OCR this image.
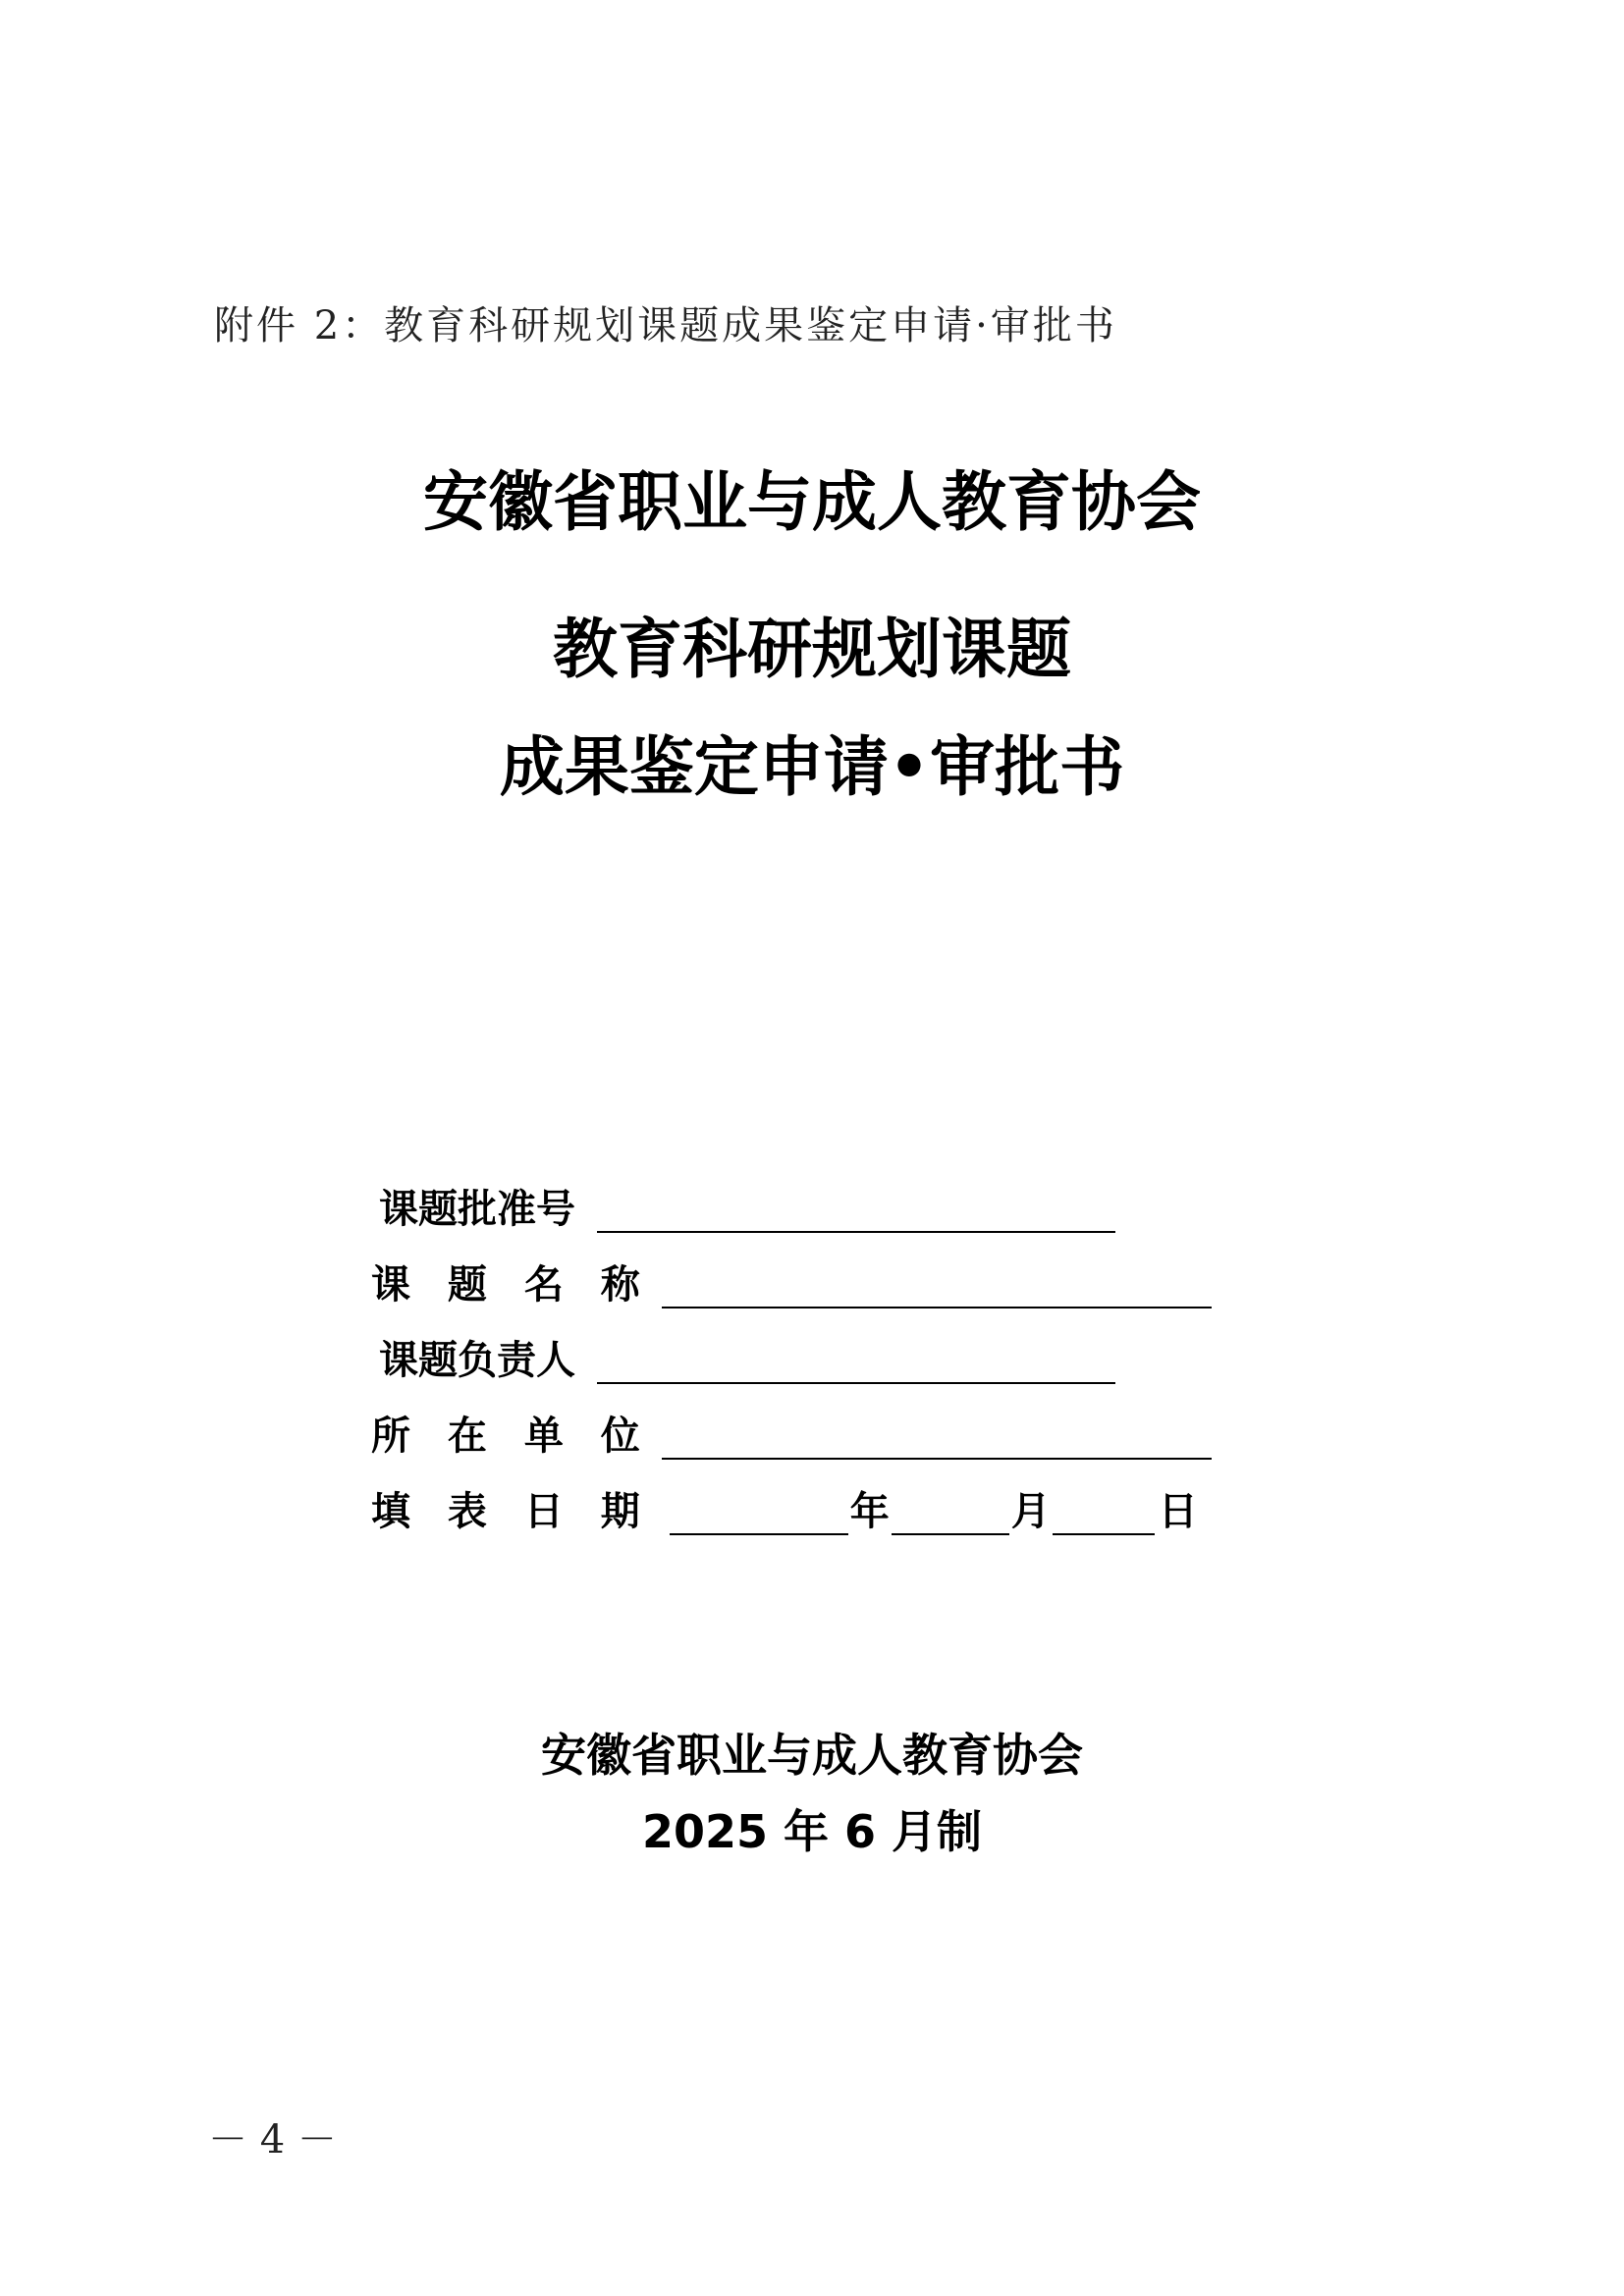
附件 2：教育科研规划课题成果鉴定申请·审批书
安徽省职业与成人教育协会
教育科研规划课题
成果鉴定申请•审批书
课题批准号
课 题 名 称
课题负责人
所 在 单 位
填 表 日 期	年	月	日
安徽省职业与成人教育协会
2025 年 6 月制
－ 4 －
